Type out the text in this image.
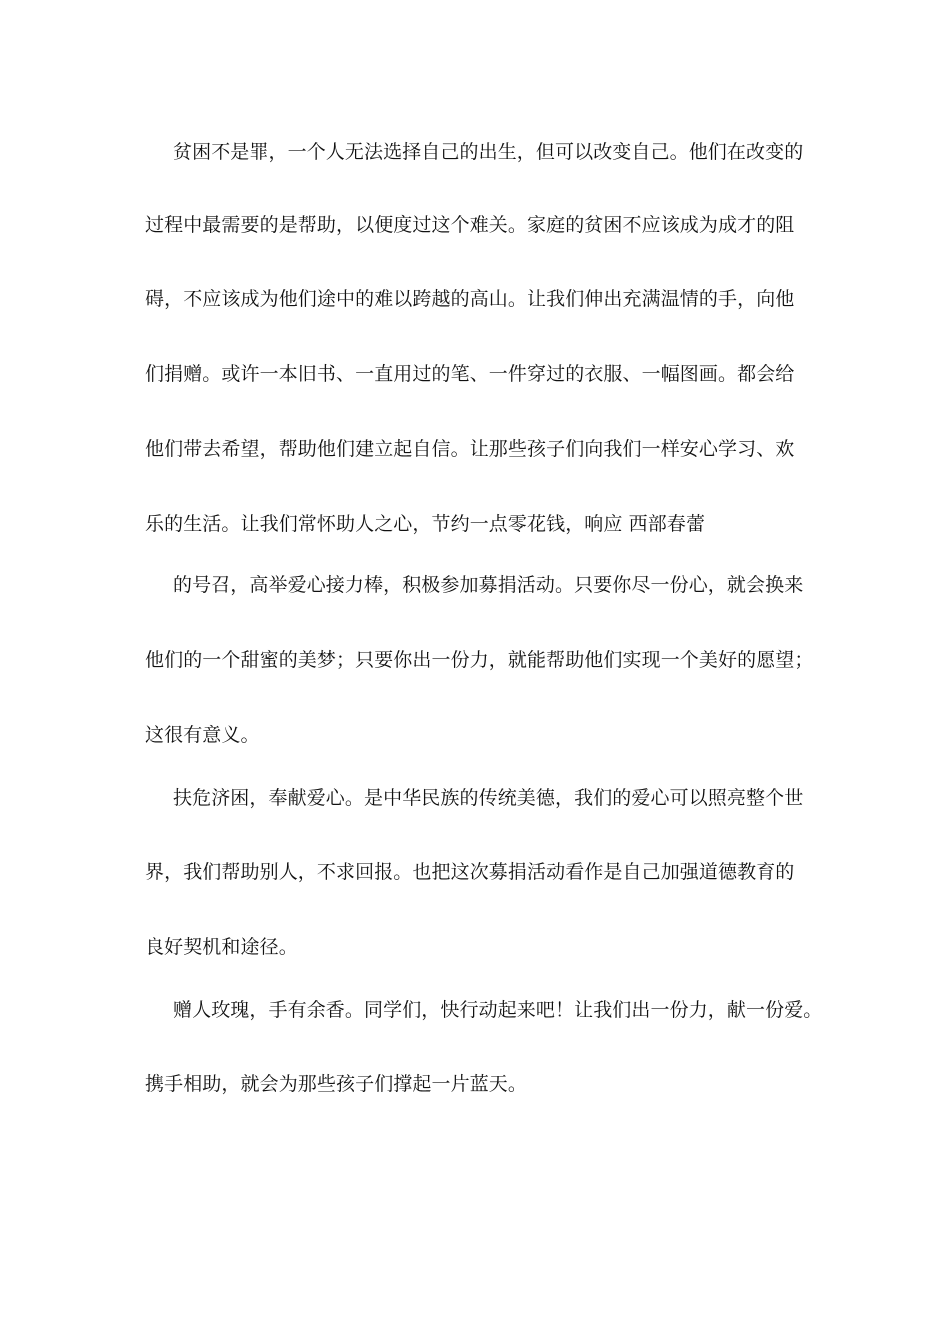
贫困不是罪，一个人无法选择自己的出生，但可以改变自己。他们在改变的

过程中最需要的是帮助，以便度过这个难关。家庭的贫困不应该成为成才的阻

碍，不应该成为他们途中的难以跨越的高山。让我们伸出充满温情的手，向他

们捐赠。或许一本旧书、一直用过的笔、一件穿过的衣服、一幅图画。都会给

他们带去希望，帮助他们建立起自信。让那些孩子们向我们一样安心学习、欢

乐的生活。让我们常怀助人之心，节约一点零花钱，响应 西部春蕾

的号召，高举爱心接力棒，积极参加募捐活动。只要你尽一份心，就会换来

他们的一个甜蜜的美梦；只要你出一份力，就能帮助他们实现一个美好的愿望；

这很有意义。

扶危济困，奉献爱心。是中华民族的传统美德，我们的爱心可以照亮整个世

界，我们帮助别人，不求回报。也把这次募捐活动看作是自己加强道德教育的

良好契机和途径。

赠人玫瑰，手有余香。同学们，快行动起来吧！让我们出一份力，献一份爱。

携手相助，就会为那些孩子们撑起一片蓝天。
